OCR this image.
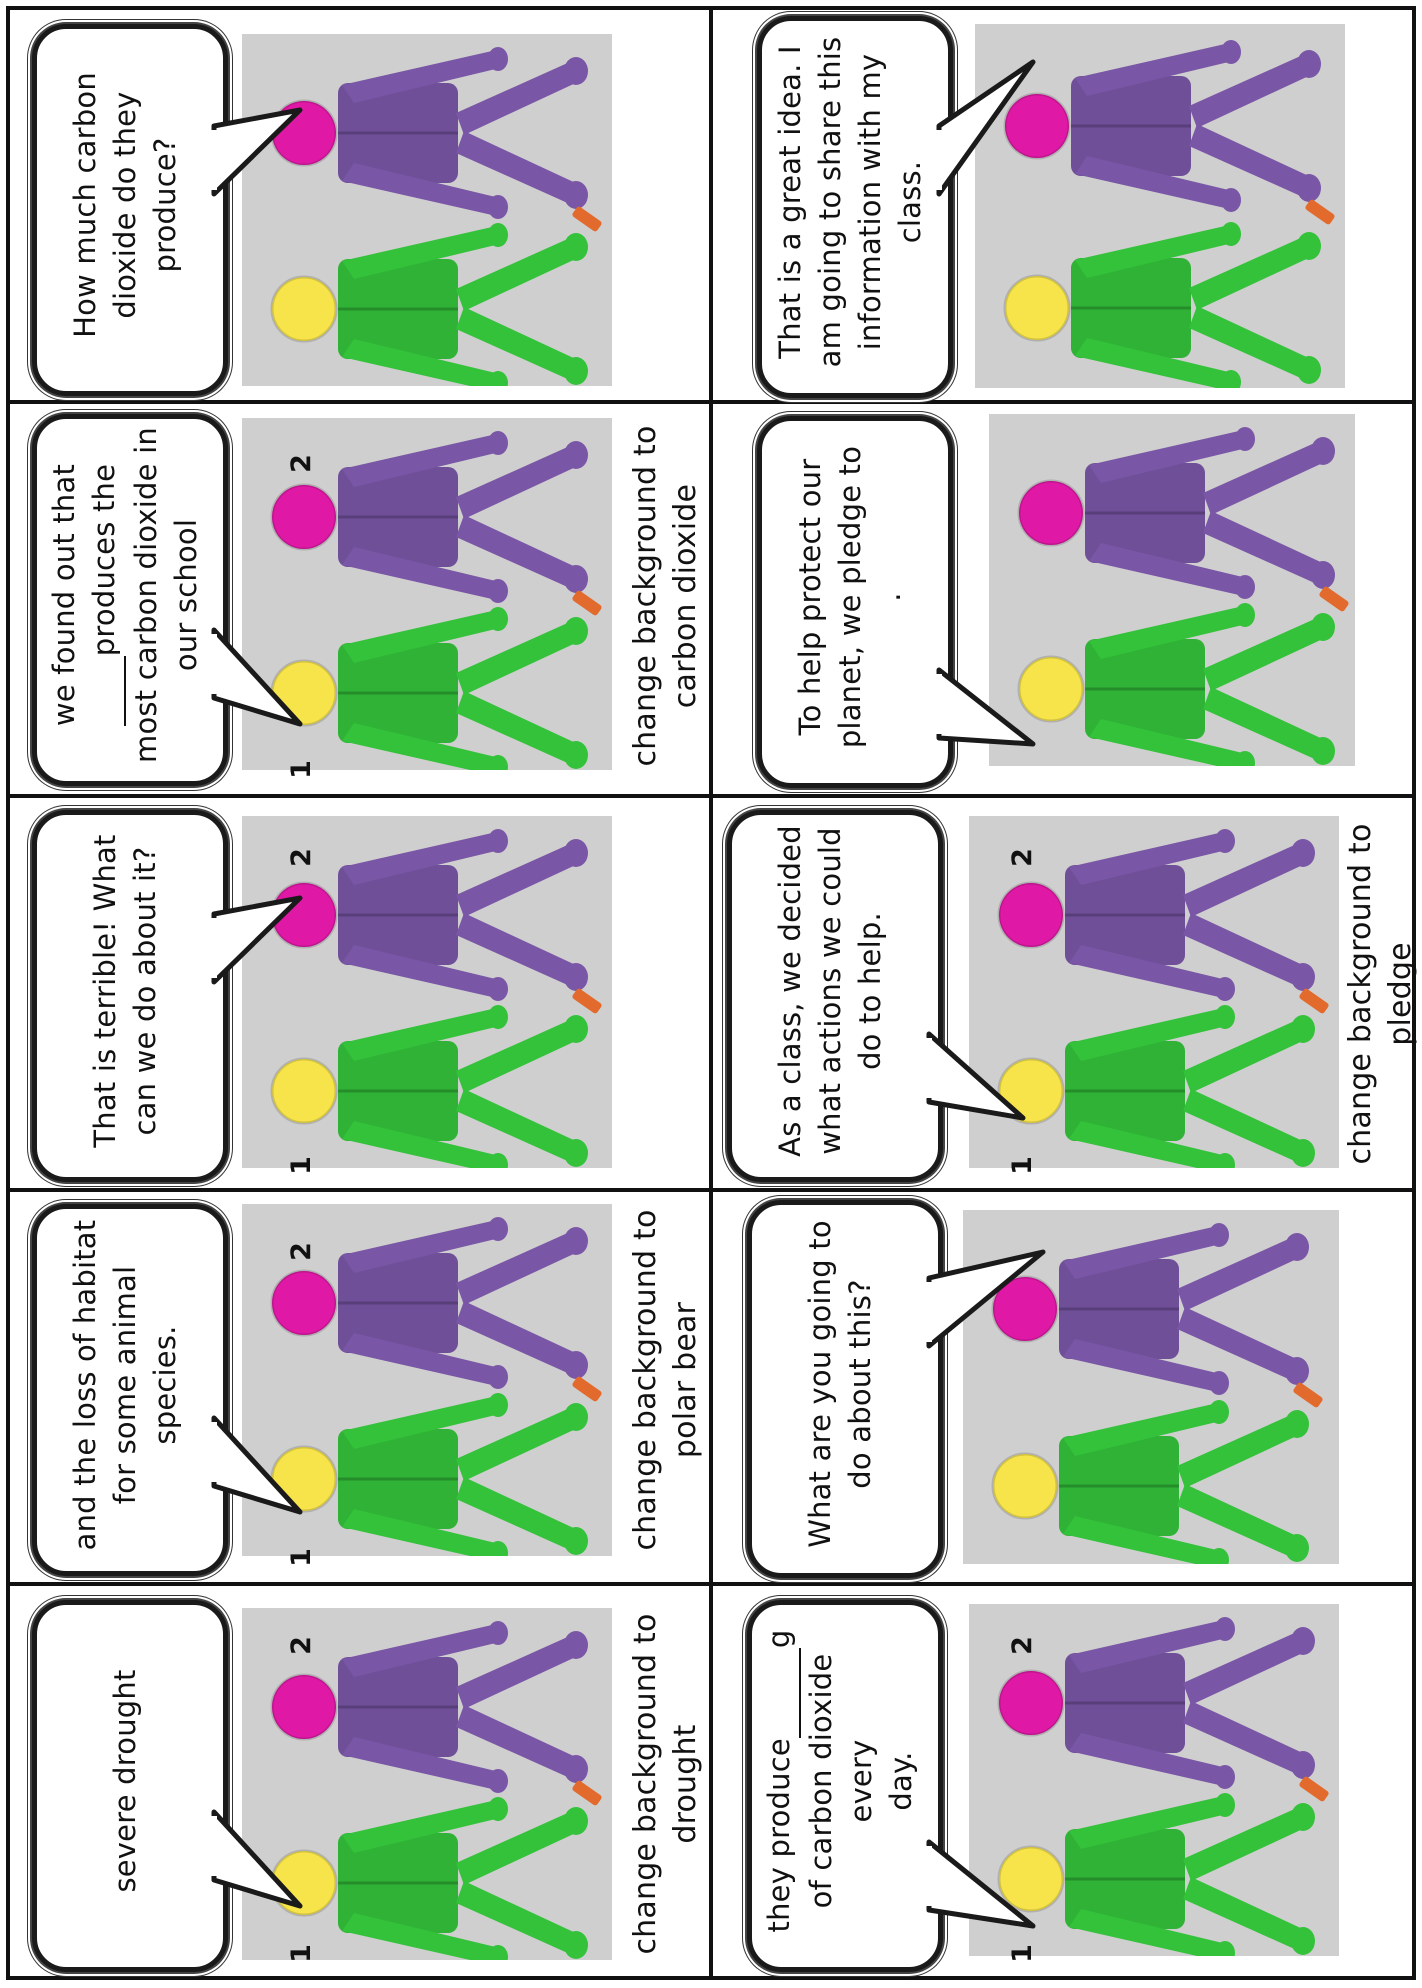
How much carbon dioxide do they produce?
we found out that produces the most carbon dioxide in our school	change background to carbon dioxide
1
2
That is terrible! What can we do about it?
1
2
and the loss of habitat for some animal species.	change background to polar bear
1
2
severe drought	change background to drought
1
2
That is a great idea. I am going to share this information with my class.
To help protect our planet, we pledge to .
As a class, we decided what actions we could do to help.	change background to pledge
1
2
What are you going to do about this?
they produce g
of carbon dioxide every day.
1
2
